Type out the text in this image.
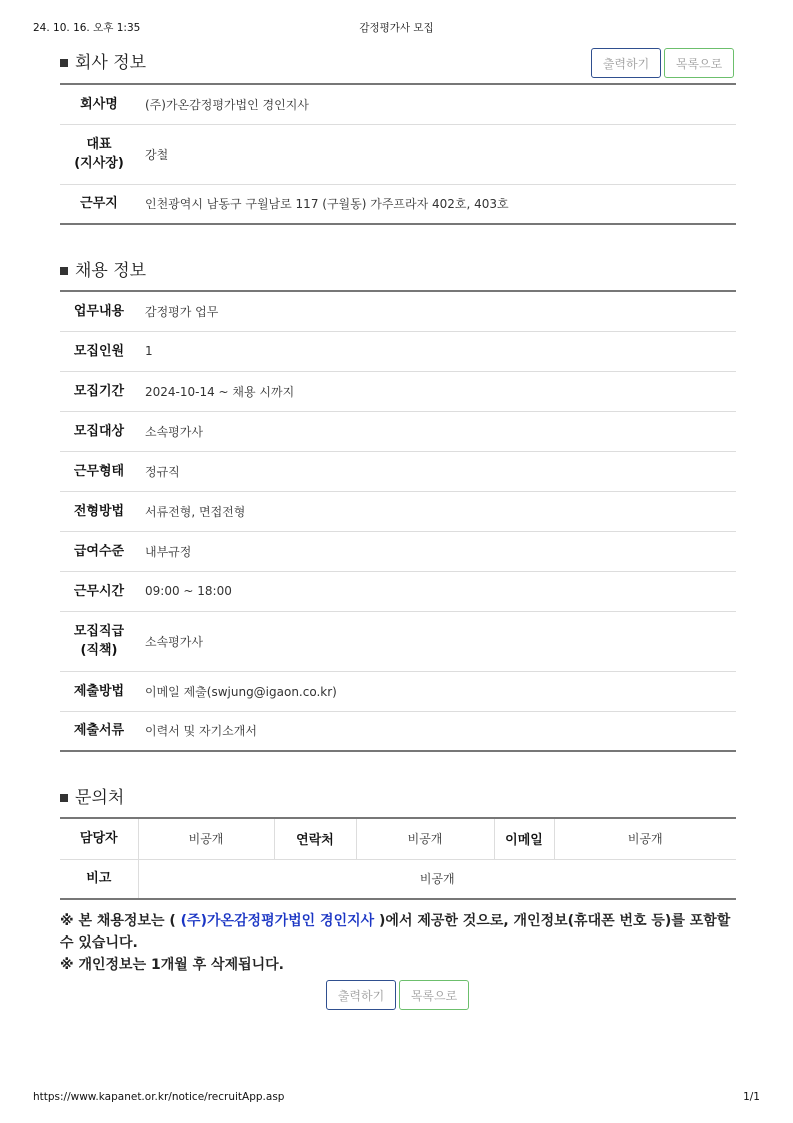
24. 10. 16. 오후 1:35	감정평가사 모집
회사 정보	출력하기	목록으로
회사명	(주)가온감정평가법인 경인지사

대표
(지사장)	강철

근무지	인천광역시 남동구 구월남로 117 (구월동) 가주프라자 402호, 403호
채용 정보
업무내용	감정평가 업무

모집인원	1

모집기간	2024-10-14 ~ 채용 시까지

모집대상	소속평가사

근무형태	정규직

전형방법	서류전형, 면접전형

급여수준	내부규정

근무시간	09:00 ~ 18:00

모집직급
(직책)	소속평가사

제출방법	이메일 제출(swjung@igaon.co.kr)

제출서류	이력서 및 자기소개서
문의처
담당자	비공개	연락처	비공개	이메일	비공개
비고	비공개				
※ 본 채용정보는 ( (주)가온감정평가법인 경인지사 )에서 제공한 것으로, 개인정보(휴대폰 번호 등)를 포함할 수 있습니다.
※ 개인정보는 1개월 후 삭제됩니다.
출력하기	목록으로
https://www.kapanet.or.kr/notice/recruitApp.asp	1/1
